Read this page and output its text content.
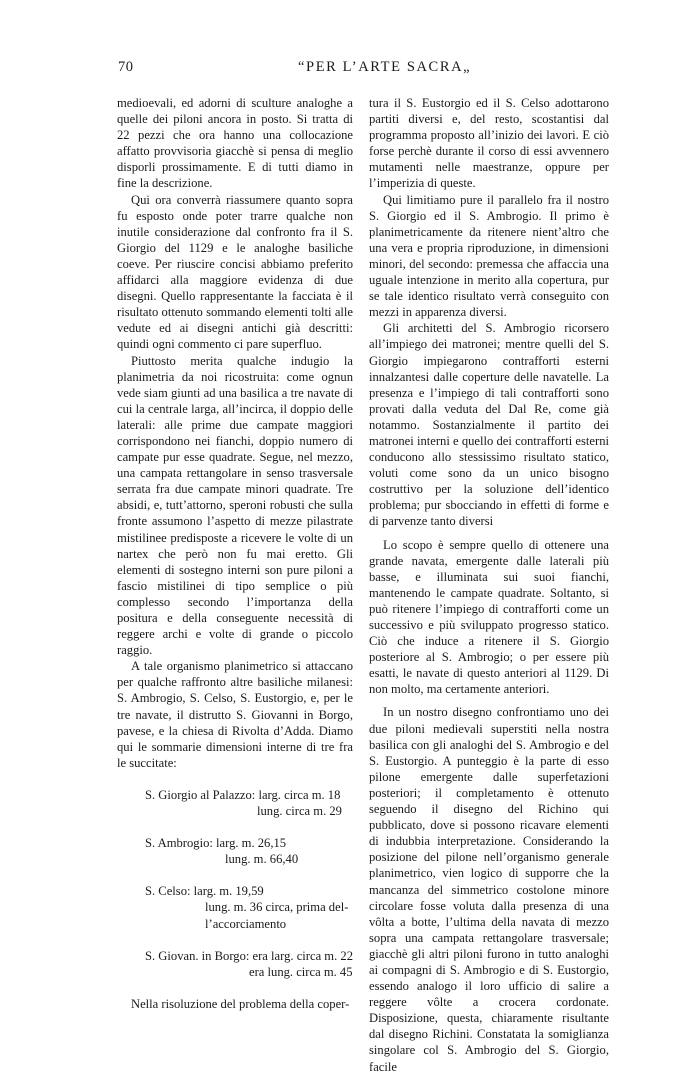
70	“PER L’ARTE SACRA„

medioevali, ed adorni di sculture analoghe a quelle dei piloni ancora in posto. Si tratta di 22 pezzi che ora hanno una collocazione affatto provvisoria giacchè si pensa di meglio disporli prossimamente. E di tutti diamo in fine la descrizione.

Qui ora converrà riassumere quanto sopra fu esposto onde poter trarre qualche non inutile considerazione dal confronto fra il S. Giorgio del 1129 e le analoghe basiliche coeve. Per riuscire concisi abbiamo preferito affidarci alla maggiore evidenza di due disegni. Quello rappresentante la facciata è il risultato ottenuto sommando elementi tolti alle vedute ed ai disegni antichi già descritti: quindi ogni commento ci pare superfluo.

Piuttosto merita qualche indugio la planimetria da noi ricostruita: come ognun vede siam giunti ad una basilica a tre navate di cui la centrale larga, all’incirca, il doppio delle laterali: alle prime due campate maggiori corrispondono nei fianchi, doppio numero di campate pur esse quadrate. Segue, nel mezzo, una campata rettangolare in senso trasversale serrata fra due campate minori quadrate. Tre absidi, e, tutt’attorno, speroni robusti che sulla fronte assumono l’aspetto di mezze pilastrate mistilinee predisposte a ricevere le volte di un nartex che però non fu mai eretto. Gli elementi di sostegno interni son pure piloni a fascio mistilinei di tipo semplice o più complesso secondo l’importanza della positura e della conseguente necessità di reggere archi e volte di grande o piccolo raggio.

A tale organismo planimetrico si attaccano per qualche raffronto altre basiliche milanesi: S. Ambrogio, S. Celso, S. Eustorgio, e, per le tre navate, il distrutto S. Giovanni in Borgo, pavese, e la chiesa di Rivolta d’Adda. Diamo qui le sommarie dimensioni interne di tre fra le succitate:

S. Giorgio al Palazzo: larg. circa m. 18
lung. circa m. 29
S. Ambrogio: larg. m. 26,15
lung. m. 66,40
S. Celso: larg. m. 19,59
lung. m. 36 circa, prima del-
l’accorciamento
S. Giovan. in Borgo: era larg. circa m. 22
era lung. circa m. 45

Nella risoluzione del problema della coper-

tura il S. Eustorgio ed il S. Celso adottarono partiti diversi e, del resto, scostantisi dal programma proposto all’inizio dei lavori. E ciò forse perchè durante il corso di essi avvennero mutamenti nelle maestranze, oppure per l’imperizia di queste.

Qui limitiamo pure il parallelo fra il nostro S. Giorgio ed il S. Ambrogio. Il primo è planimetricamente da ritenere nient’altro che una vera e propria riproduzione, in dimensioni minori, del secondo: premessa che affaccia una uguale intenzione in merito alla copertura, pur se tale identico risultato verrà conseguito con mezzi in apparenza diversi.

Gli architetti del S. Ambrogio ricorsero all’impiego dei matronei; mentre quelli del S. Giorgio impiegarono contrafforti esterni innalzantesi dalle coperture delle navatelle. La presenza e l’impiego di tali contrafforti sono provati dalla veduta del Dal Re, come già notammo. Sostanzialmente il partito dei matronei interni e quello dei contrafforti esterni conducono allo stessissimo risultato statico, voluti come sono da un unico bisogno costruttivo per la soluzione dell’identico problema; pur sbocciando in effetti di forme e di parvenze tanto diversi

Lo scopo è sempre quello di ottenere una grande navata, emergente dalle laterali più basse, e illuminata sui suoi fianchi, mantenendo le campate quadrate. Soltanto, si può ritenere l’impiego di contrafforti come un successivo e più sviluppato progresso statico. Ciò che induce a ritenere il S. Giorgio posteriore al S. Ambrogio; o per essere più esatti, le navate di questo anteriori al 1129. Di non molto, ma certamente anteriori.

In un nostro disegno confrontiamo uno dei due piloni medievali superstiti nella nostra basilica con gli analoghi del S. Ambrogio e del S. Eustorgio. A punteggio è la parte di esso pilone emergente dalle superfetazioni posteriori; il completamento è ottenuto seguendo il disegno del Richino qui pubblicato, dove si possono ricavare elementi di indubbia interpretazione. Considerando la posizione del pilone nell’organismo generale planimetrico, vien logico di supporre che la mancanza del simmetrico costolone minore circolare fosse voluta dalla presenza di una vôlta a botte, l’ultima della navata di mezzo sopra una campata rettangolare trasversale; giacchè gli altri piloni furono in tutto analoghi ai compagni di S. Ambrogio e di S. Eustorgio, essendo analogo il loro ufficio di salire a reggere vôlte a crocera cordonate. Disposizione, questa, chiaramente risultante dal disegno Richini. Constatata la somiglianza singolare col S. Ambrogio del S. Giorgio, facile
